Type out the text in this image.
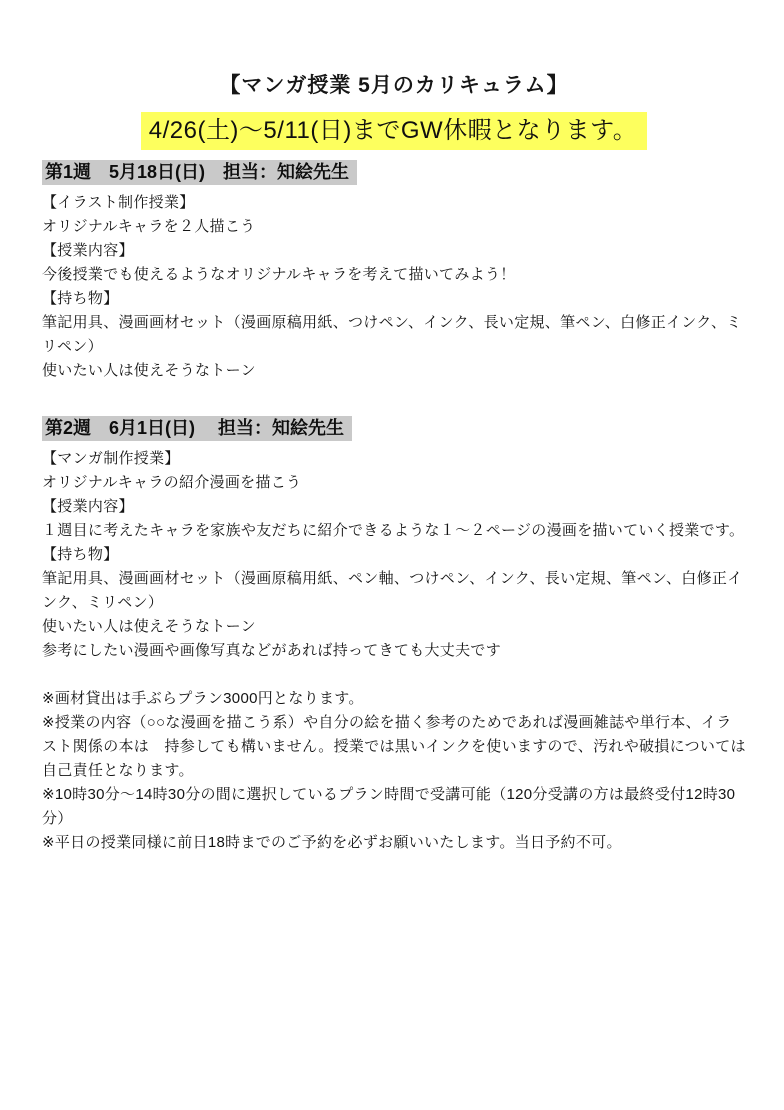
【マンガ授業 5月のカリキュラム】
4/26(土)〜5/11(日)までGW休暇となります。
第1週　5月18日(日)　担当：知絵先生

【イラスト制作授業】

オリジナルキャラを２人描こう

【授業内容】

今後授業でも使えるようなオリジナルキャラを考えて描いてみよう！

【持ち物】

筆記用具、漫画画材セット（漫画原稿用紙、つけペン、インク、長い定規、筆ペン、白修正インク、ミリペン）

使いたい人は使えそうなトーン

第2週　6月1日(日)　 担当：知絵先生

【マンガ制作授業】

オリジナルキャラの紹介漫画を描こう

【授業内容】

１週目に考えたキャラを家族や友だちに紹介できるような１〜２ページの漫画を描いていく授業です。

【持ち物】

筆記用具、漫画画材セット（漫画原稿用紙、ペン軸、つけペン、インク、長い定規、筆ペン、白修正インク、ミリペン）

使いたい人は使えそうなトーン

参考にしたい漫画や画像写真などがあれば持ってきても大丈夫です

※画材貸出は手ぶらプラン3000円となります。

※授業の内容（○○な漫画を描こう系）や自分の絵を描く参考のためであれば漫画雑誌や単行本、イラスト関係の本は　持参しても構いません。授業では黒いインクを使いますので、汚れや破損については自己責任となります。

※10時30分〜14時30分の間に選択しているプラン時間で受講可能（120分受講の方は最終受付12時30分）

※平日の授業同様に前日18時までのご予約を必ずお願いいたします。当日予約不可。
